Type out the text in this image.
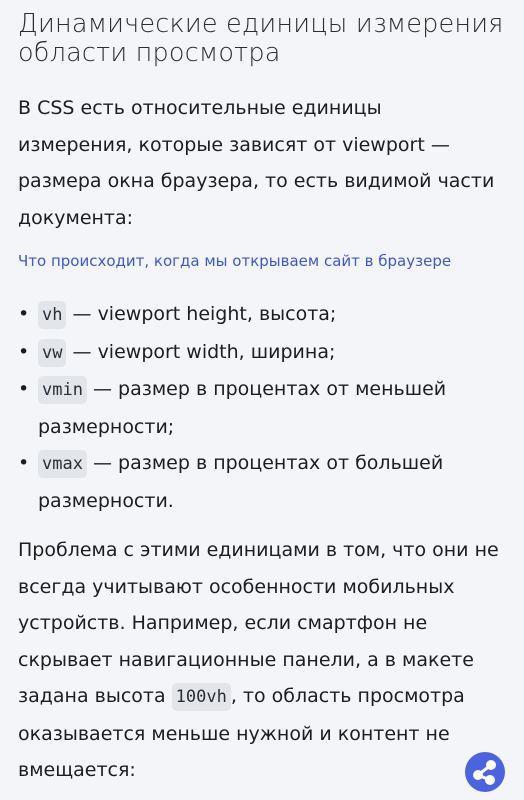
Динамические единицы измерения области просмотра

В CSS есть относительные единицы измерения, которые зависят от viewport — размера окна браузера, то есть видимой части документа:

Что происходит, когда мы открываем сайт в браузере
• vh — viewport height, высота;
• vw — viewport width, ширина;
• vmin — размер в процентах от меньшей размерности;
• vmax — размер в процентах от большей размерности.

Проблема с этими единицами в том, что они не всегда учитывают особенности мобильных устройств. Например, если смартфон не скрывает навигационные панели, а в макете задана высота 100vh , то область просмотра оказывается меньше нужной и контент не вмещается:
